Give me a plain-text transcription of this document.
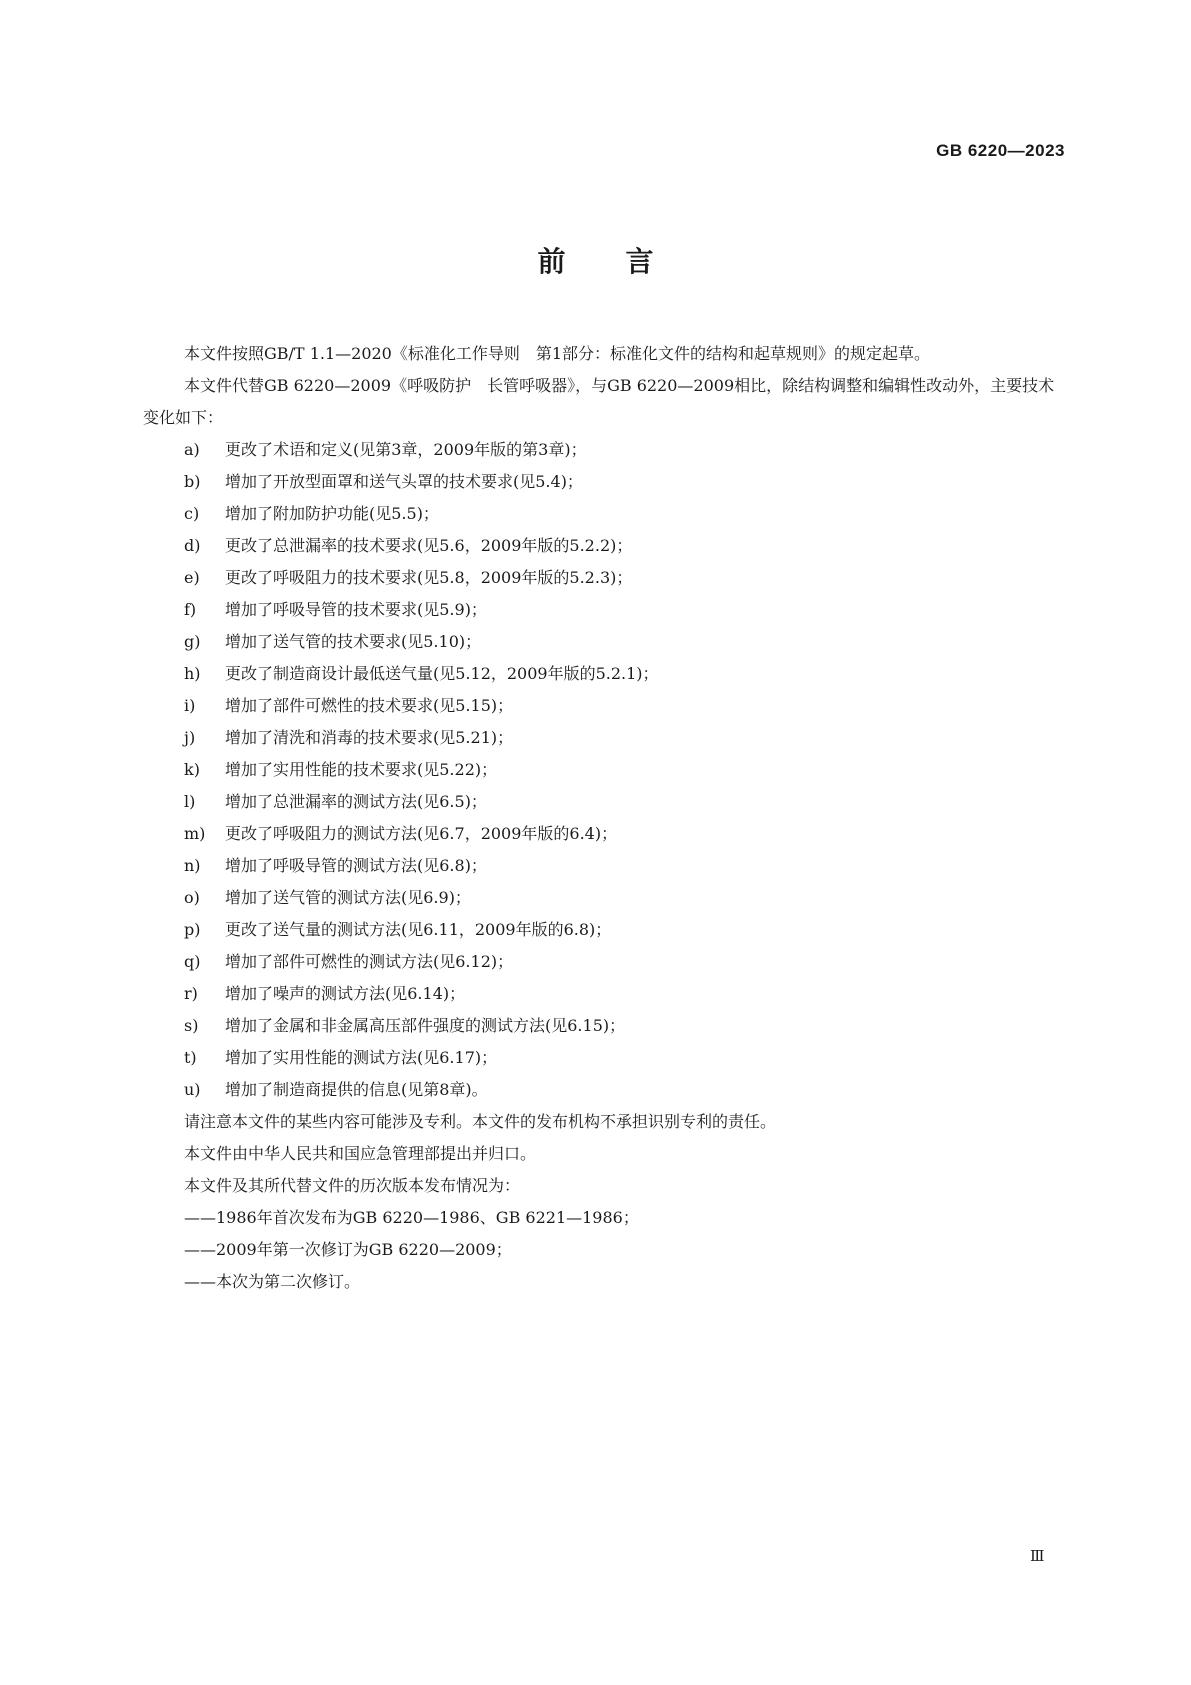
GB 6220—2023

前言

本文件按照GB/T 1.1—2020《标准化工作导则　第1部分：标准化文件的结构和起草规则》的规定起草。

本文件代替GB 6220—2009《呼吸防护　长管呼吸器》，与GB 6220—2009相比，除结构调整和编辑性改动外，主要技术变化如下：

a)	更改了术语和定义(见第3章，2009年版的第3章)；
b)	增加了开放型面罩和送气头罩的技术要求(见5.4)；
c)	增加了附加防护功能(见5.5)；
d)	更改了总泄漏率的技术要求(见5.6，2009年版的5.2.2)；
e)	更改了呼吸阻力的技术要求(见5.8，2009年版的5.2.3)；
f)	增加了呼吸导管的技术要求(见5.9)；
g)	增加了送气管的技术要求(见5.10)；
h)	更改了制造商设计最低送气量(见5.12，2009年版的5.2.1)；
i)	增加了部件可燃性的技术要求(见5.15)；
j)	增加了清洗和消毒的技术要求(见5.21)；
k)	增加了实用性能的技术要求(见5.22)；
l)	增加了总泄漏率的测试方法(见6.5)；
m)	更改了呼吸阻力的测试方法(见6.7，2009年版的6.4)；
n)	增加了呼吸导管的测试方法(见6.8)；
o)	增加了送气管的测试方法(见6.9)；
p)	更改了送气量的测试方法(见6.11，2009年版的6.8)；
q)	增加了部件可燃性的测试方法(见6.12)；
r)	增加了噪声的测试方法(见6.14)；
s)	增加了金属和非金属高压部件强度的测试方法(见6.15)；
t)	增加了实用性能的测试方法(见6.17)；
u)	增加了制造商提供的信息(见第8章)。

请注意本文件的某些内容可能涉及专利。本文件的发布机构不承担识别专利的责任。

本文件由中华人民共和国应急管理部提出并归口。

本文件及其所代替文件的历次版本发布情况为：

——1986年首次发布为GB 6220—1986、GB 6221—1986；
——2009年第一次修订为GB 6220—2009；
——本次为第二次修订。

Ⅲ
